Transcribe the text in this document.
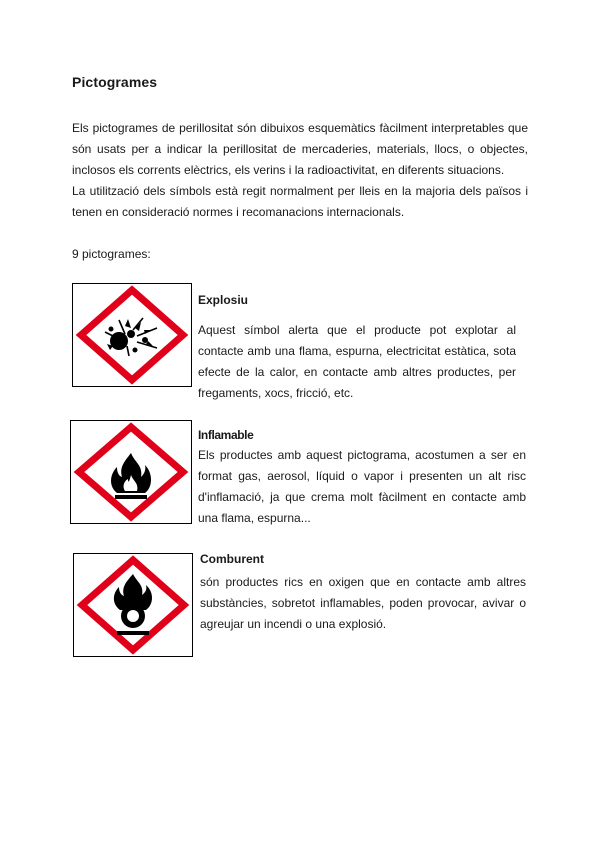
Pictogrames

Els pictogrames de perillositat són dibuixos esquemàtics fàcilment interpretables que són usats per a indicar la perillositat de mercaderies, materials, llocs, o objectes, inclosos els corrents elèctrics, els verins i la radioactivitat, en diferents situacions.

La utilització dels símbols està regit normalment per lleis en la majoria dels països i tenen en consideració normes i recomanacions internacionals.

9 pictogrames:
Explosiu

Aquest símbol alerta que el producte pot explotar al contacte amb una flama, espurna, electricitat estàtica, sota efecte de la calor, en contacte amb altres productes, per fregaments, xocs, fricció, etc.

Inflamable

Els productes amb aquest pictograma, acostumen a ser en format gas, aerosol, líquid o vapor i presenten un alt risc d'inflamació, ja que crema molt fàcilment en contacte amb una flama, espurna...

Comburent

són productes rics en oxigen que en contacte amb altres substàncies, sobretot inflamables, poden provocar, avivar o agreujar un incendi o una explosió.
